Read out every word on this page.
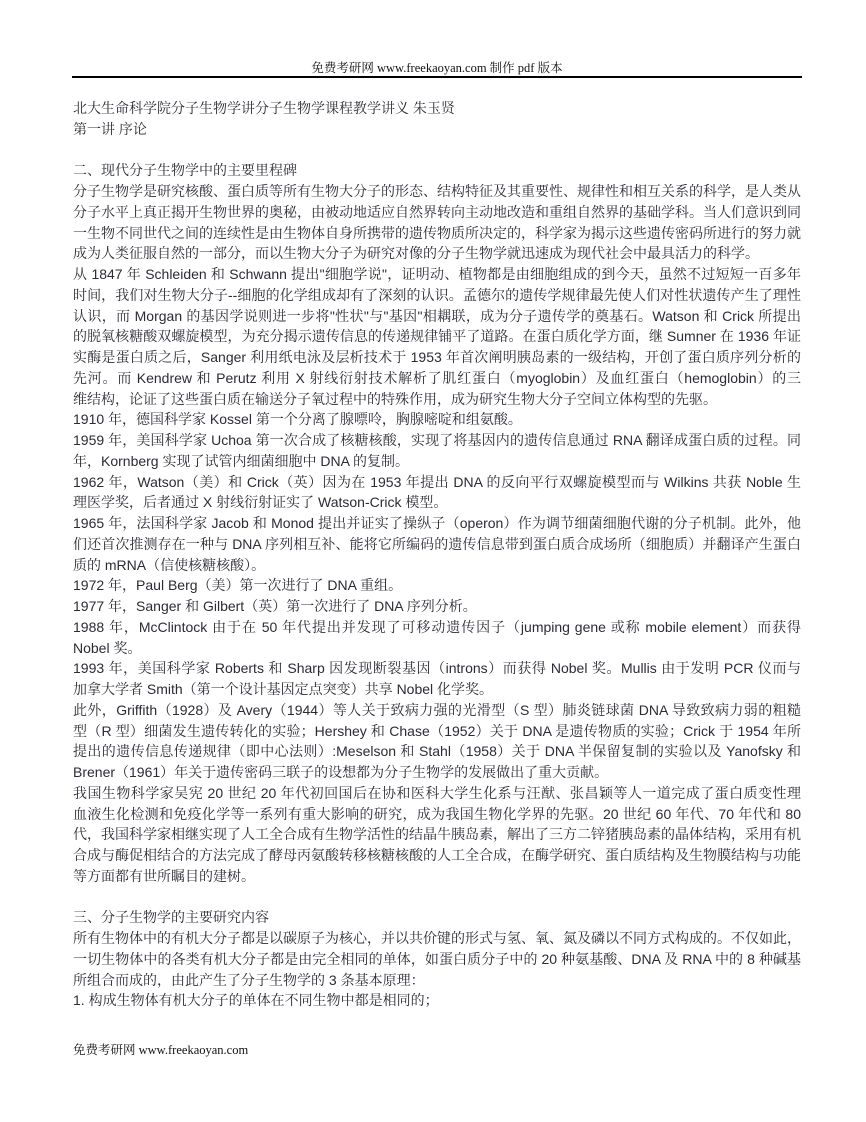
免费考研网 www.freekaoyan.com 制作 pdf 版本
北大生命科学院分子生物学讲分子生物学课程教学讲义 朱玉贤
第一讲 序论
二、现代分子生物学中的主要里程碑
分子生物学是研究核酸、蛋白质等所有生物大分子的形态、结构特征及其重要性、规律性和相互关系的科学，是人类从
分子水平上真正揭开生物世界的奥秘，由被动地适应自然界转向主动地改造和重组自然界的基础学科。当人们意识到同
一生物不同世代之间的连续性是由生物体自身所携带的遗传物质所决定的，科学家为揭示这些遗传密码所进行的努力就
成为人类征服自然的一部分，而以生物大分子为研究对像的分子生物学就迅速成为现代社会中最具活力的科学。
从 1847 年 Schleiden 和 Schwann 提出"细胞学说"，证明动、植物都是由细胞组成的到今天，虽然不过短短一百多年
时间，我们对生物大分子--细胞的化学组成却有了深刻的认识。孟德尔的遗传学规律最先使人们对性状遗传产生了理性
认识，而 Morgan 的基因学说则进一步将"性状"与"基因"相耦联，成为分子遗传学的奠基石。Watson 和 Crick 所提出
的脱氧核糖酸双螺旋模型，为充分揭示遗传信息的传递规律铺平了道路。在蛋白质化学方面，继 Sumner 在 1936 年证
实酶是蛋白质之后，Sanger 利用纸电泳及层析技术于 1953 年首次阐明胰岛素的一级结构，开创了蛋白质序列分析的
先河。而 Kendrew 和 Perutz 利用 X 射线衍射技术解析了肌红蛋白（myoglobin）及血红蛋白（hemoglobin）的三
维结构，论证了这些蛋白质在输送分子氧过程中的特殊作用，成为研究生物大分子空间立体构型的先驱。
1910 年，德国科学家 Kossel 第一个分离了腺嘌呤，胸腺嘧啶和组氨酸。
1959 年，美国科学家 Uchoa 第一次合成了核糖核酸，实现了将基因内的遗传信息通过 RNA 翻译成蛋白质的过程。同
年，Kornberg 实现了试管内细菌细胞中 DNA 的复制。
1962 年，Watson（美）和 Crick（英）因为在 1953 年提出 DNA 的反向平行双螺旋模型而与 Wilkins 共获 Noble 生
理医学奖，后者通过 X 射线衍射证实了 Watson-Crick 模型。
1965 年，法国科学家 Jacob 和 Monod 提出并证实了操纵子（operon）作为调节细菌细胞代谢的分子机制。此外，他
们还首次推测存在一种与 DNA 序列相互补、能将它所编码的遗传信息带到蛋白质合成场所（细胞质）并翻译产生蛋白
质的 mRNA（信使核糖核酸）。
1972 年，Paul Berg（美）第一次进行了 DNA 重组。
1977 年，Sanger 和 Gilbert（英）第一次进行了 DNA 序列分析。
1988 年，McClintock 由于在 50 年代提出并发现了可移动遗传因子（jumping gene 或称 mobile element）而获得
Nobel 奖。
1993 年，美国科学家 Roberts 和 Sharp 因发现断裂基因（introns）而获得 Nobel 奖。Mullis 由于发明 PCR 仪而与
加拿大学者 Smith（第一个设计基因定点突变）共享 Nobel 化学奖。
此外，Griffith（1928）及 Avery（1944）等人关于致病力强的光滑型（S 型）肺炎链球菌 DNA 导致致病力弱的粗糙
型（R 型）细菌发生遗传转化的实验；Hershey 和 Chase（1952）关于 DNA 是遗传物质的实验；Crick 于 1954 年所
提出的遗传信息传递规律（即中心法则）:Meselson 和 Stahl（1958）关于 DNA 半保留复制的实验以及 Yanofsky 和
Brener（1961）年关于遗传密码三联子的设想都为分子生物学的发展做出了重大贡献。
我国生物科学家吴宪 20 世纪 20 年代初回国后在协和医科大学生化系与汪猷、张昌颖等人一道完成了蛋白质变性理
血液生化检测和免疫化学等一系列有重大影响的研究，成为我国生物化学界的先驱。20 世纪 60 年代、70 年代和 80
代，我国科学家相继实现了人工全合成有生物学活性的结晶牛胰岛素，解出了三方二锌猪胰岛素的晶体结构，采用有机
合成与酶促相结合的方法完成了酵母丙氨酸转移核糖核酸的人工全合成，在酶学研究、蛋白质结构及生物膜结构与功能
等方面都有世所瞩目的建树。
三、分子生物学的主要研究内容
所有生物体中的有机大分子都是以碳原子为核心，并以共价键的形式与氢、氧、氮及磷以不同方式构成的。不仅如此，
一切生物体中的各类有机大分子都是由完全相同的单体，如蛋白质分子中的 20 种氨基酸、DNA 及 RNA 中的 8 种碱基
所组合而成的，由此产生了分子生物学的 3 条基本原理：
1. 构成生物体有机大分子的单体在不同生物中都是相同的；
免费考研网 www.freekaoyan.com
